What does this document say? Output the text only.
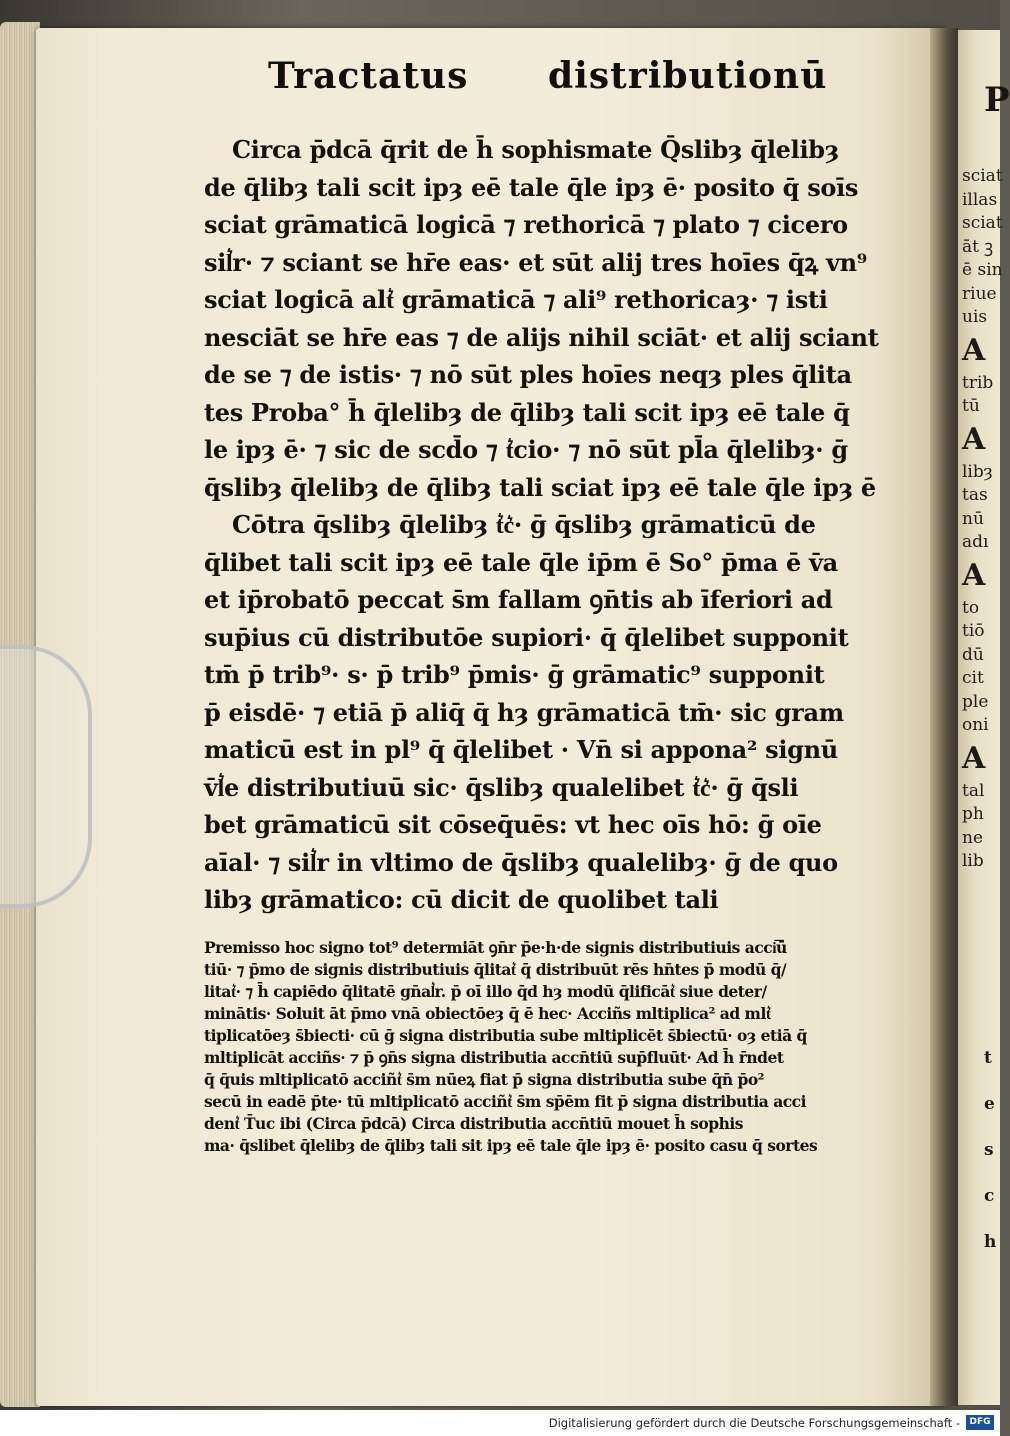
P
sciat
illas
sciat
āt ꝫ
ē sin
riue
uis
A
trib
tū
A
libȝ
tas
nū
adı
A
to
tiō
dū
cit
ple
oni
A
tal
ph
ne
lib
t
e
s
c
h
Tractatus distributionū
Circa p̄dcā q̄rit de h̄ sophismate Q̄slibȝ q̄lelibȝ
de q̄libȝ tali scit ipȝ eē tale q̄le ipȝ ē· posito q̄ soīs
sciat grāmaticā logicā ⁊ rethoricā ⁊ plato ⁊ cicero
sil͛r· ⁊ sciant se hr̄e eas· et sūt alij tres hoīes q̄ꝝ vn⁹
sciat logicā alt͛ grāmaticā ⁊ ali⁹ rethoricaȝ· ⁊ isti
nesciāt se hr̄e eas ⁊ de alijs nihil sciāt· et alij sciant
de se ⁊ de istis· ⁊ nō sūt ples hoīes neqȝ ples q̄lita
tes Proba° h̄ q̄lelibȝ de q̄libȝ tali scit ipȝ eē tale q̄
le ipȝ ē· ⁊ sic de scd̄o ⁊ t͛cio· ⁊ nō sūt pl̄a q̄lelibȝ· ḡ
q̄slibȝ q̄lelibȝ de q̄libȝ tali sciat ipȝ eē tale q̄le ipȝ ē
Cōtra q̄slibȝ q̄lelibȝ t͛c͛· ḡ q̄slibȝ grāmaticū de
q̄libet tali scit ipȝ eē tale q̄le ip̄m ē So° p̄ma ē v̄a
et ip̄robatō peccat s̄m fallam ꝯn̄tis ab īferiori ad
sup̄ius cū distributōe supiori· q̄ q̄lelibet supponit
tm̄ p̄ trib⁹· s· p̄ trib⁹ p̄mis· ḡ grāmatic⁹ supponit
p̄ eisdē· ⁊ etiā p̄ aliq̄ q̄ hȝ grāmaticā tm̄· sic gram
maticū est in pl⁹ q̄ q̄lelibet · Vn̄ si appona² signū
v̄l͛e distributiuū sic· q̄slibȝ qualelibet t͛c͛· ḡ q̄sli
bet grāmaticū sit cōseq̄uēs: vt hec oīs hō: ḡ oīe
aīal· ⁊ sil͛r in vltimo de q̄slibȝ qualelibȝ· ḡ de quo
libȝ grāmatico: cū dicit de quolibet tali
Premisso hoc signo tot⁹ determiāt ꝯn̄r p̄e·h·de signis distributiuis acci͞ū
tiū· ⁊ p̄mo de signis distributiuis q̄litat͛ q̄ distribuūt rēs hn̄tes p̄ modū q̄/
litat͛· ⁊ h̄ capiēdo q̄litatē gn̄al͛r. p̄ oī illo q̄d hȝ modū q̄lificāt͛ siue deter/
minātis· Soluit āt p̄mo vnā obiectōeȝ q̄ ē hec· Acciñs mltiplica² ad mlt͛
tiplicatōeȝ s̄biecti· cū ḡ signa distributia sube mltiplicēt s̄biectū· oȝ etiā q̄
mltiplicāt acciñs· ⁊ p̄ ꝯn̄s signa distributia accn̄tiū sup̄fluūt· Ad h̄ r̄ndet
q̄ q̄uis mltiplicatō acciñt͛ s̄m nūeꝝ fiat p̄ signa distributia sube q̄n̄ p̄o²
secū in eadē p̄te· tū mltiplicatō acciñt͛ s̄m sp̄ēm fit p̄ signa distributia acci
dent͛ T̄uc ibi (Circa p̄dcā) Circa distributia accn̄tiū mouet h̄ sophis
ma· q̄slibet q̄lelibȝ de q̄libȝ tali sit ipȝ eē tale q̄le ipȝ ē· posito casu q̄ sortes
Digitalisierung gefördert durch die Deutsche Forschungsgemeinschaft -	DFG
